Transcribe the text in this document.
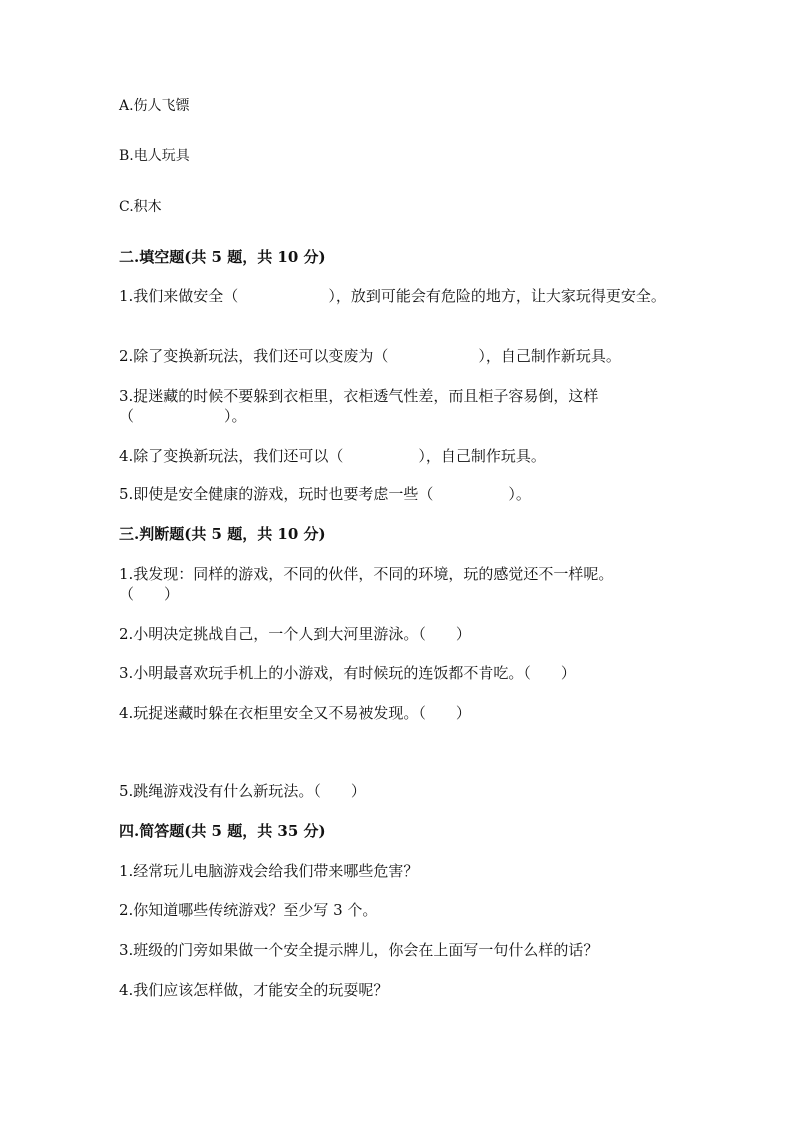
A.伤人飞镖
B.电人玩具
C.积木
二.填空题(共 5 题，共 10 分)
1.我们来做安全（　　　　　　），放到可能会有危险的地方，让大家玩得更安全。
2.除了变换新玩法，我们还可以变废为（　　　　　　），自己制作新玩具。
3.捉迷藏的时候不要躲到衣柜里，衣柜透气性差，而且柜子容易倒，这样
（　　　　　　）。
4.除了变换新玩法，我们还可以（　　　　　），自己制作玩具。
5.即使是安全健康的游戏，玩时也要考虑一些（　　　　　）。
三.判断题(共 5 题，共 10 分)
1.我发现：同样的游戏，不同的伙伴，不同的环境，玩的感觉还不一样呢。
（　　）
2.小明决定挑战自己，一个人到大河里游泳。（　　）
3.小明最喜欢玩手机上的小游戏，有时候玩的连饭都不肯吃。（　　）
4.玩捉迷藏时躲在衣柜里安全又不易被发现。（　　）
5.跳绳游戏没有什么新玩法。（　　）
四.简答题(共 5 题，共 35 分)
1.经常玩儿电脑游戏会给我们带来哪些危害？
2.你知道哪些传统游戏？至少写 3 个。
3.班级的门旁如果做一个安全提示牌儿，你会在上面写一句什么样的话？
4.我们应该怎样做，才能安全的玩耍呢？
